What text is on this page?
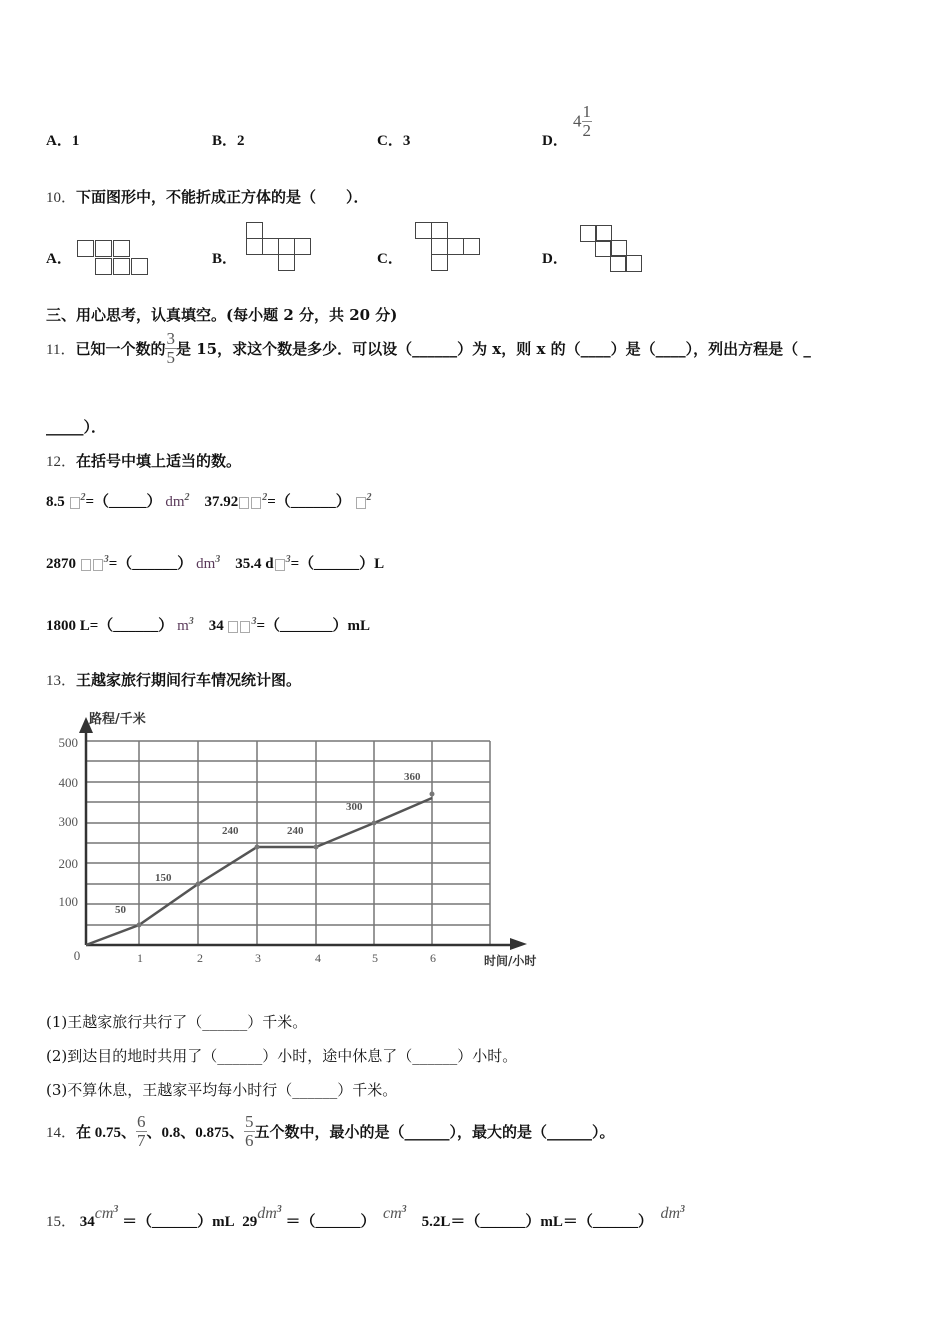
A．1	B．2	C．3	D．
$4 \frac{1}{2}$
10．下面图形中，不能折成正方体的是（　　）．
A．	B．	C．	D．
三、用心思考，认真填空。(每小题 2 分，共 20 分)
11．已知一个数的 $\frac{3}{5}$ 是 15，求这个数是多少．可以设（______）为 x，则 x 的（____）是（____），列出方程是（ _
_____）．
12．在括号中填上适当的数。
8.5 $^2$=（_____） $dm^2$ 37.92 $^2$=（______） $^2$
2870	$^3$=（______） $dm^3$ 35.4 d $^3$=（______）L
1800 L=（______） $m^3$ 34	$^3$=（_______）mL
13．王越家旅行期间行车情况统计图。
50
150
240	240
300
360
100
200
300
400
500
0	1	2	3	4	5	6
路程/千米
时间/小时
(1)王越家旅行共行了（______）千米。
(2)到达目的地时共用了（______）小时，途中休息了（______）小时。
(3)不算休息，王越家平均每小时行（______）千米。
14．在 0.75、 $\frac{6}{7}$ 、0.8、0.875、 $\frac{5}{6}$ 五个数中，最小的是（______），最大的是（______）。
15． $34cm^3$ ＝（______）mL $29dm^3$ ＝（______） $cm^3$    5.2L＝（______）mL＝（______） $dm^3$
